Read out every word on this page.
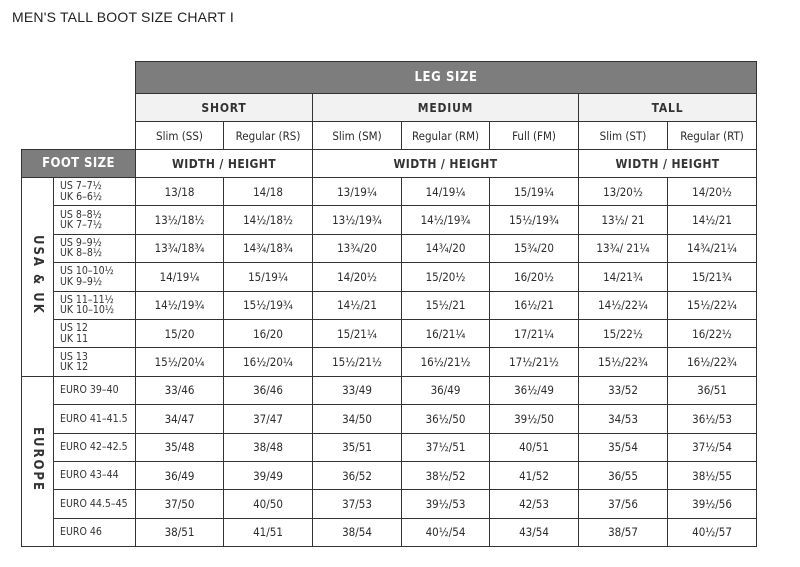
MEN'S TALL BOOT SIZE CHART I
		LEG SIZE						
		SHORT		MEDIUM			TALL	
		Slim (SS)	Regular (RS)	Slim (SM)	Regular (RM)	Full (FM)	Slim (ST)	Regular (RT)
FOOT SIZE		WIDTH / HEIGHT		WIDTH / HEIGHT			WIDTH / HEIGHT	
USA & UK	US 7–7½
UK 6–6½	13/18	14/18	13/19¼	14/19¼	15/19¼	13/20½	14/20½

	US 8–8½
UK 7–7½	13½/18½	14½/18½	13½/19¾	14½/19¾	15½/19¾	13½/ 21	14½/21

	US 9–9½
UK 8–8½	13¾/18¾	14¾/18¾	13¾/20	14¾/20	15¾/20	13¾/ 21¼	14¾/21¼

	US 10–10½
UK 9–9½	14/19¼	15/19¼	14/20½	15/20½	16/20½	14/21¾	15/21¾

	US 11–11½
UK 10–10½	14½/19¾	15½/19¾	14½/21	15½/21	16½/21	14½/22¼	15½/22¼

	US 12
UK 11	15/20	16/20	15/21¼	16/21¼	17/21¼	15/22½	16/22½

	US 13
UK 12	15½/20¼	16½/20¼	15½/21½	16½/21½	17½/21½	15½/22¾	16½/22¾
EUROPE	EURO 39–40	33/46	36/46	33/49	36/49	36½/49	33/52	36/51
	EURO 41–41.5	34/47	37/47	34/50	36½/50	39½/50	34/53	36½/53
	EURO 42–42.5	35/48	38/48	35/51	37½/51	40/51	35/54	37½/54
	EURO 43–44	36/49	39/49	36/52	38½/52	41/52	36/55	38½/55
	EURO 44.5–45	37/50	40/50	37/53	39½/53	42/53	37/56	39½/56
	EURO 46	38/51	41/51	38/54	40½/54	43/54	38/57	40½/57
